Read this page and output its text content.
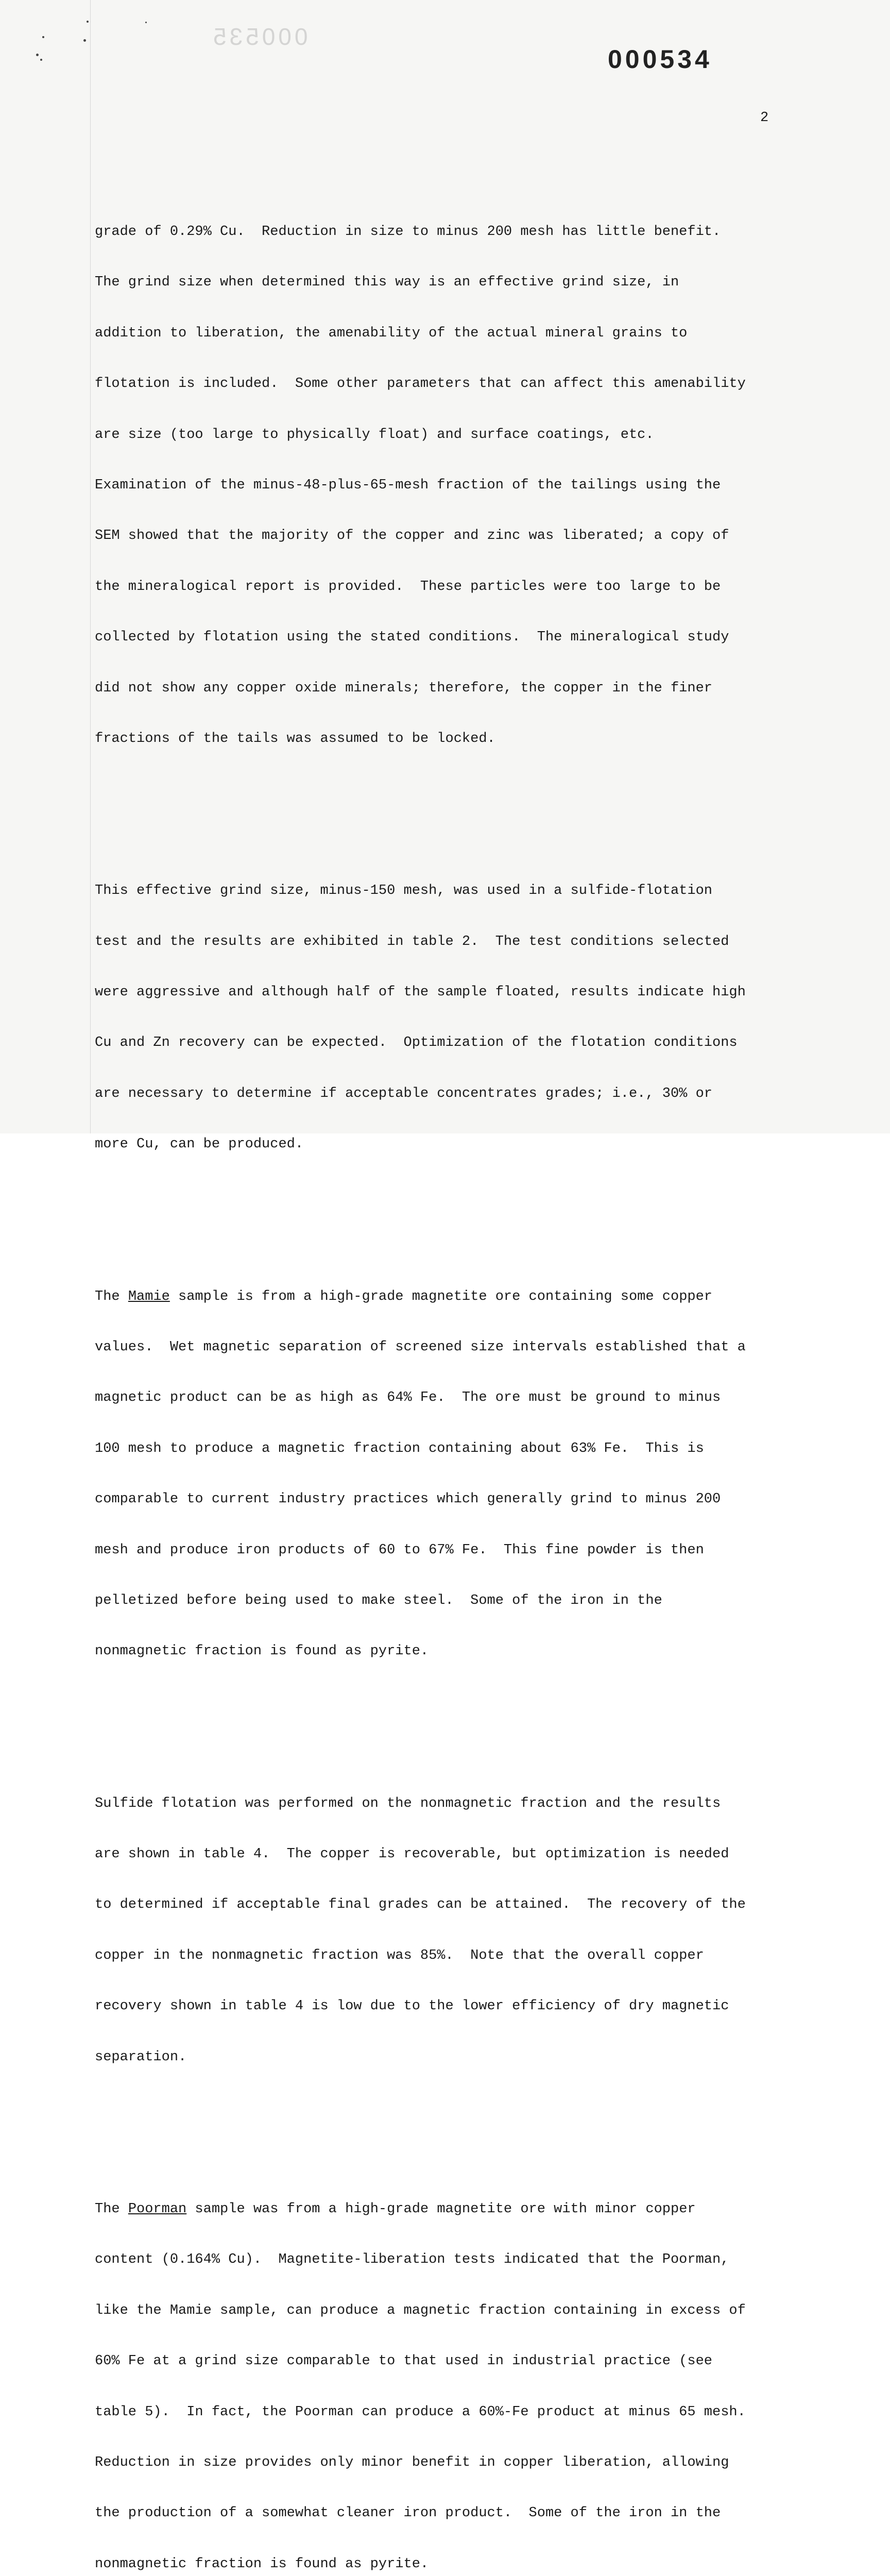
000535
000534
2

grade of 0.29% Cu.  Reduction in size to minus 200 mesh has little benefit.

The grind size when determined this way is an effective grind size, in

addition to liberation, the amenability of the actual mineral grains to

flotation is included.  Some other parameters that can affect this amenability

are size (too large to physically float) and surface coatings, etc.

Examination of the minus-48-plus-65-mesh fraction of the tailings using the

SEM showed that the majority of the copper and zinc was liberated; a copy of

the mineralogical report is provided.  These particles were too large to be

collected by flotation using the stated conditions.  The mineralogical study

did not show any copper oxide minerals; therefore, the copper in the finer

fractions of the tails was assumed to be locked.

This effective grind size, minus-150 mesh, was used in a sulfide-flotation

test and the results are exhibited in table 2.  The test conditions selected

were aggressive and although half of the sample floated, results indicate high

Cu and Zn recovery can be expected.  Optimization of the flotation conditions

are necessary to determine if acceptable concentrates grades; i.e., 30% or

more Cu, can be produced.

The Mamie sample is from a high-grade magnetite ore containing some copper

values.  Wet magnetic separation of screened size intervals established that a

magnetic product can be as high as 64% Fe.  The ore must be ground to minus

100 mesh to produce a magnetic fraction containing about 63% Fe.  This is

comparable to current industry practices which generally grind to minus 200

mesh and produce iron products of 60 to 67% Fe.  This fine powder is then

pelletized before being used to make steel.  Some of the iron in the

nonmagnetic fraction is found as pyrite.

Sulfide flotation was performed on the nonmagnetic fraction and the results

are shown in table 4.  The copper is recoverable, but optimization is needed

to determined if acceptable final grades can be attained.  The recovery of the

copper in the nonmagnetic fraction was 85%.  Note that the overall copper

recovery shown in table 4 is low due to the lower efficiency of dry magnetic

separation.

The Poorman sample was from a high-grade magnetite ore with minor copper

content (0.164% Cu).  Magnetite-liberation tests indicated that the Poorman,

like the Mamie sample, can produce a magnetic fraction containing in excess of

60% Fe at a grind size comparable to that used in industrial practice (see

table 5).  In fact, the Poorman can produce a 60%-Fe product at minus 65 mesh.

Reduction in size provides only minor benefit in copper liberation, allowing

the production of a somewhat cleaner iron product.  Some of the iron in the

nonmagnetic fraction is found as pyrite.
